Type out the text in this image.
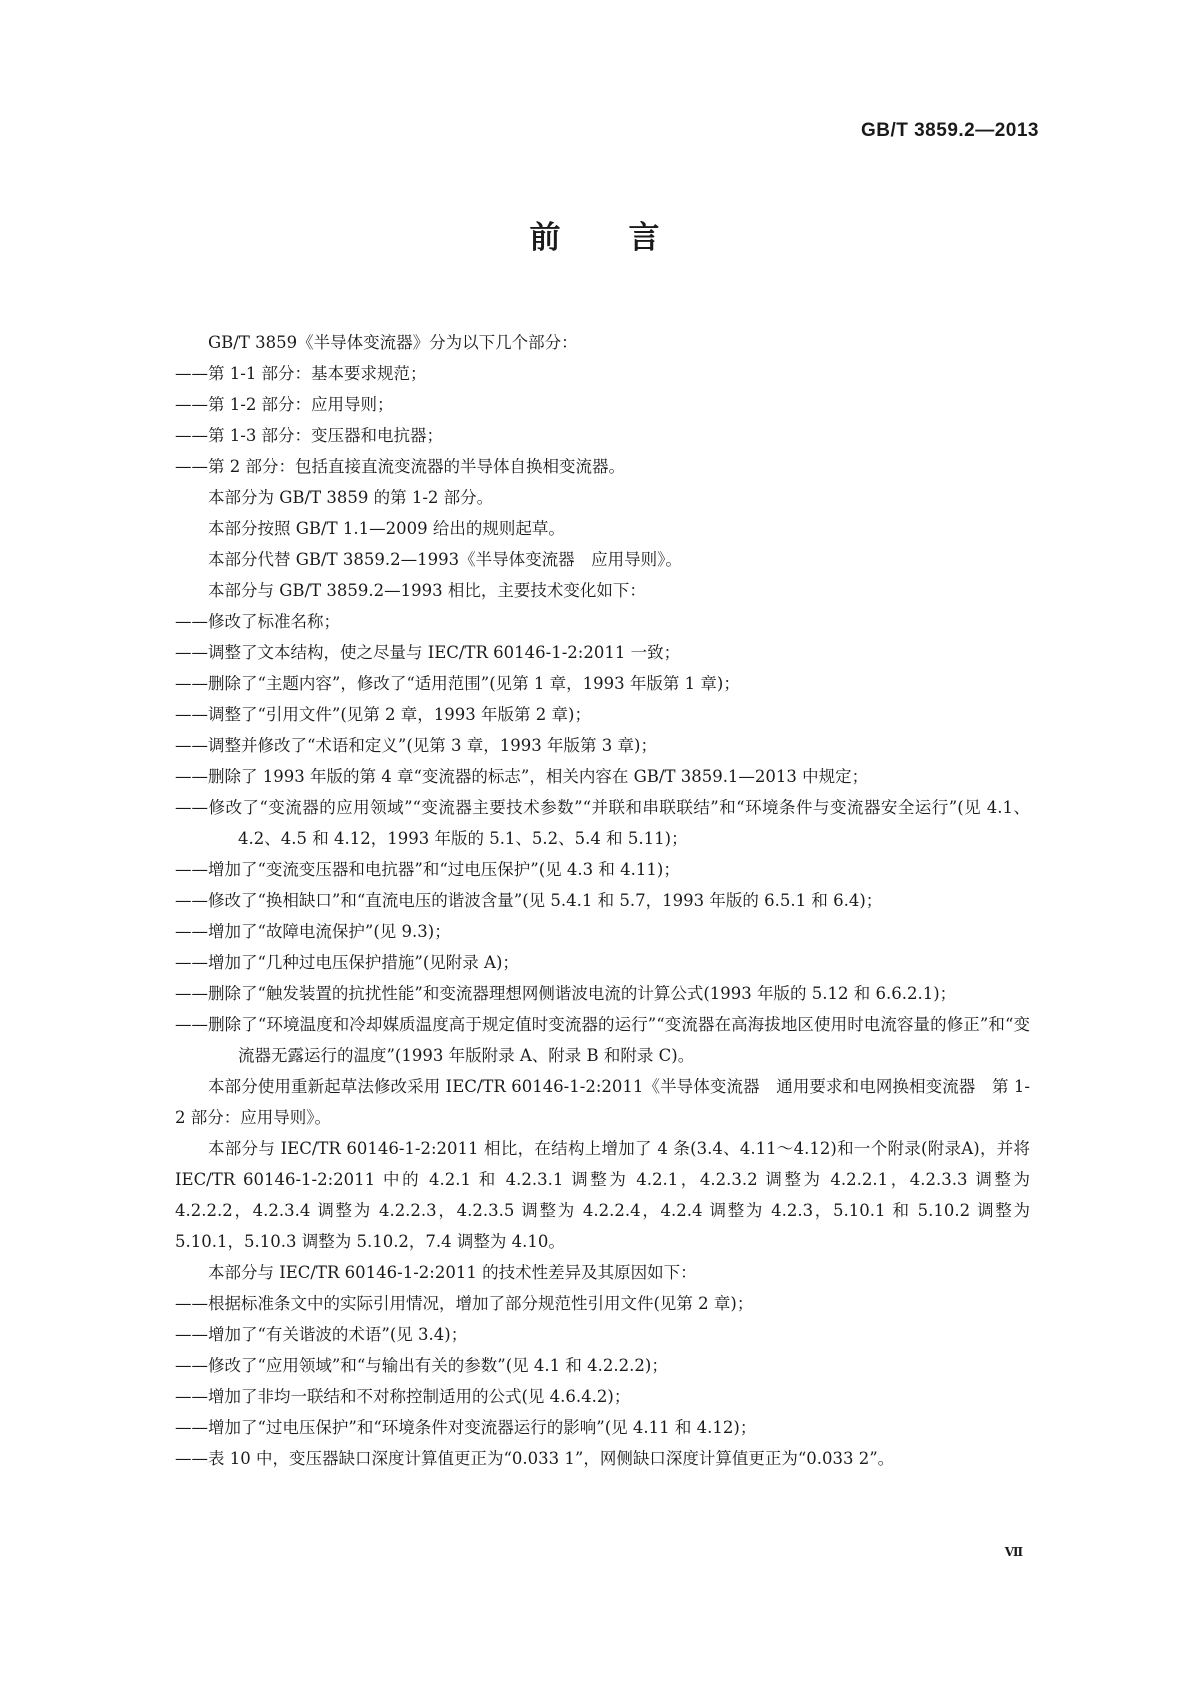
GB/T 3859.2—2013
前　　言

GB/T 3859《半导体变流器》分为以下几个部分：

——第 1-1 部分：基本要求规范；

——第 1-2 部分：应用导则；

——第 1-3 部分：变压器和电抗器；

——第 2 部分：包括直接直流变流器的半导体自换相变流器。

本部分为 GB/T 3859 的第 1-2 部分。

本部分按照 GB/T 1.1—2009 给出的规则起草。

本部分代替 GB/T 3859.2—1993《半导体变流器　应用导则》。

本部分与 GB/T 3859.2—1993 相比，主要技术变化如下：

——修改了标准名称；

——调整了文本结构，使之尽量与 IEC/TR 60146-1-2:2011 一致；

——删除了“主题内容”，修改了“适用范围”(见第 1 章，1993 年版第 1 章)；

——调整了“引用文件”(见第 2 章，1993 年版第 2 章)；

——调整并修改了“术语和定义”(见第 3 章，1993 年版第 3 章)；

——删除了 1993 年版的第 4 章“变流器的标志”，相关内容在 GB/T 3859.1—2013 中规定；

——修改了“变流器的应用领域”“变流器主要技术参数”“并联和串联联结”和“环境条件与变流器安全运行”(见 4.1、4.2、4.5 和 4.12，1993 年版的 5.1、5.2、5.4 和 5.11)；

——增加了“变流变压器和电抗器”和“过电压保护”(见 4.3 和 4.11)；

——修改了“换相缺口”和“直流电压的谐波含量”(见 5.4.1 和 5.7，1993 年版的 6.5.1 和 6.4)；

——增加了“故障电流保护”(见 9.3)；

——增加了“几种过电压保护措施”(见附录 A)；

——删除了“触发装置的抗扰性能”和变流器理想网侧谐波电流的计算公式(1993 年版的 5.12 和 6.6.2.1)；

——删除了“环境温度和冷却媒质温度高于规定值时变流器的运行”“变流器在高海拔地区使用时电流容量的修正”和“变流器无露运行的温度”(1993 年版附录 A、附录 B 和附录 C)。

本部分使用重新起草法修改采用 IEC/TR 60146-1-2:2011《半导体变流器　通用要求和电网换相变流器　第 1-2 部分：应用导则》。

本部分与 IEC/TR 60146-1-2:2011 相比，在结构上增加了 4 条(3.4、4.11～4.12)和一个附录(附录A)，并将 IEC/TR 60146-1-2:2011 中的 4.2.1 和 4.2.3.1 调整为 4.2.1，4.2.3.2 调整为 4.2.2.1，4.2.3.3 调整为 4.2.2.2，4.2.3.4 调整为 4.2.2.3，4.2.3.5 调整为 4.2.2.4，4.2.4 调整为 4.2.3，5.10.1 和 5.10.2 调整为 5.10.1，5.10.3 调整为 5.10.2，7.4 调整为 4.10。

本部分与 IEC/TR 60146-1-2:2011 的技术性差异及其原因如下：

——根据标准条文中的实际引用情况，增加了部分规范性引用文件(见第 2 章)；

——增加了“有关谐波的术语”(见 3.4)；

——修改了“应用领域”和“与输出有关的参数”(见 4.1 和 4.2.2.2)；

——增加了非均一联结和不对称控制适用的公式(见 4.6.4.2)；

——增加了“过电压保护”和“环境条件对变流器运行的影响”(见 4.11 和 4.12)；

——表 10 中，变压器缺口深度计算值更正为“0.033 1”，网侧缺口深度计算值更正为“0.033 2”。

Ⅶ
